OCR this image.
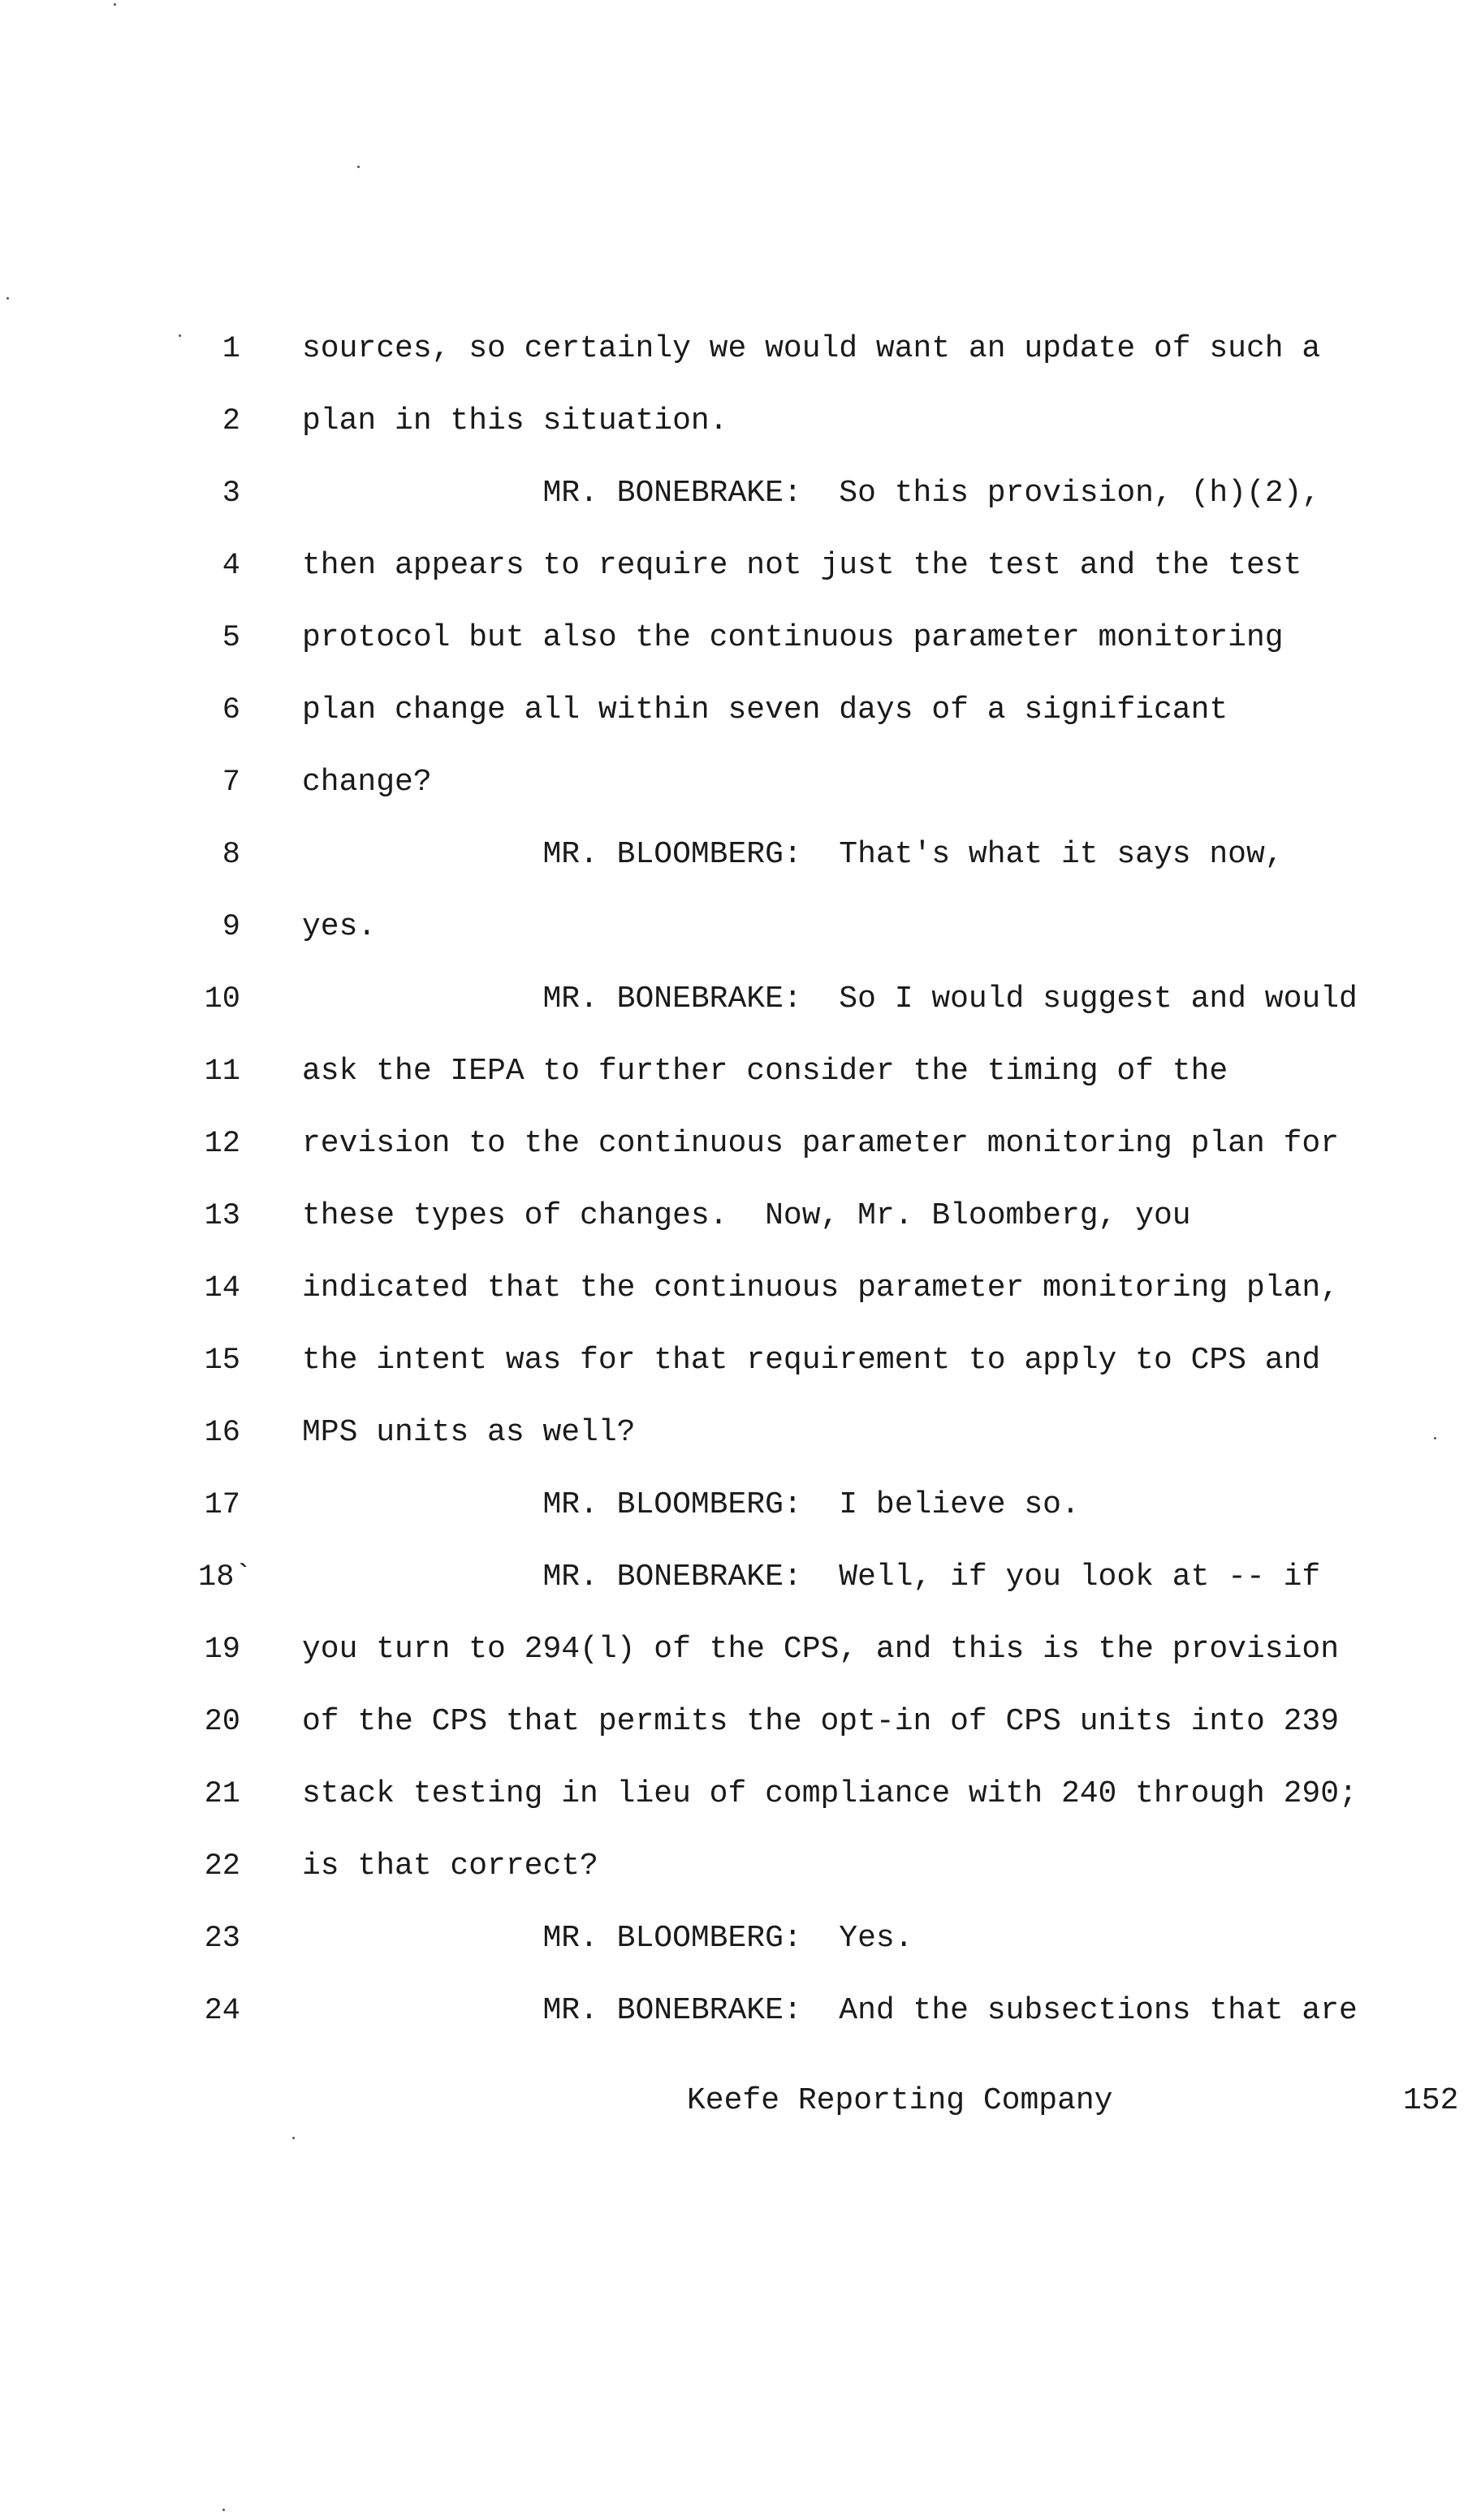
1 sources, so certainly we would want an update of such a
2 plan in this situation.
3 MR. BONEBRAKE:  So this provision, (h)(2),
4 then appears to require not just the test and the test
5 protocol but also the continuous parameter monitoring
6 plan change all within seven days of a significant
7 change?
8 MR. BLOOMBERG:  That's what it says now,
9 yes.
10 MR. BONEBRAKE:  So I would suggest and would
11 ask the IEPA to further consider the timing of the
12 revision to the continuous parameter monitoring plan for
13 these types of changes.  Now, Mr. Bloomberg, you
14 indicated that the continuous parameter monitoring plan,
15 the intent was for that requirement to apply to CPS and
16 MPS units as well?
17 MR. BLOOMBERG:  I believe so.
18` MR. BONEBRAKE:  Well, if you look at -- if
19 you turn to 294(l) of the CPS, and this is the provision
20 of the CPS that permits the opt-in of CPS units into 239
21 stack testing in lieu of compliance with 240 through 290;
22 is that correct?
23 MR. BLOOMBERG:  Yes.
24 MR. BONEBRAKE:  And the subsections that are
Keefe Reporting Company	152
